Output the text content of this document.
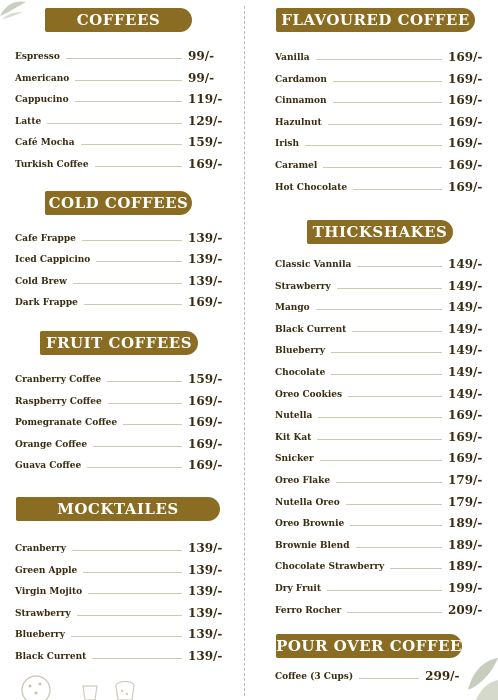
COFFEES
Espresso	99/-
Americano	99/-
Cappucino	119/-
Latte	129/-
Café Mocha	159/-
Turkish Coffee	169/-
COLD COFFEES
Cafe Frappe	139/-
Iced Cappicino	139/-
Cold Brew	139/-
Dark Frappe	169/-
FRUIT COFFEES
Cranberry Coffee	159/-
Raspberry Coffee	169/-
Pomegranate Coffee	169/-
Orange Coffee	169/-
Guava Coffee	169/-
MOCKTAILES
Cranberry	139/-
Green Apple	139/-
Virgin Mojito	139/-
Strawberry	139/-
Blueberry	139/-
Black Current	139/-
FLAVOURED COFFEE
Vanilla	169/-
Cardamon	169/-
Cinnamon	169/-
Hazulnut	169/-
Irish	169/-
Caramel	169/-
Hot Chocolate	169/-
THICKSHAKES
Classic Vannila	149/-
Strawberry	149/-
Mango	149/-
Black Current	149/-
Blueberry	149/-
Chocolate	149/-
Oreo Cookies	149/-
Nutella	169/-
Kit Kat	169/-
Snicker	169/-
Oreo Flake	179/-
Nutella Oreo	179/-
Oreo Brownie	189/-
Brownie Blend	189/-
Chocolate Strawberry	189/-
Dry Fruit	199/-
Ferro Rocher	209/-
POUR OVER COFFEE
Coffee (3 Cups)	299/-
